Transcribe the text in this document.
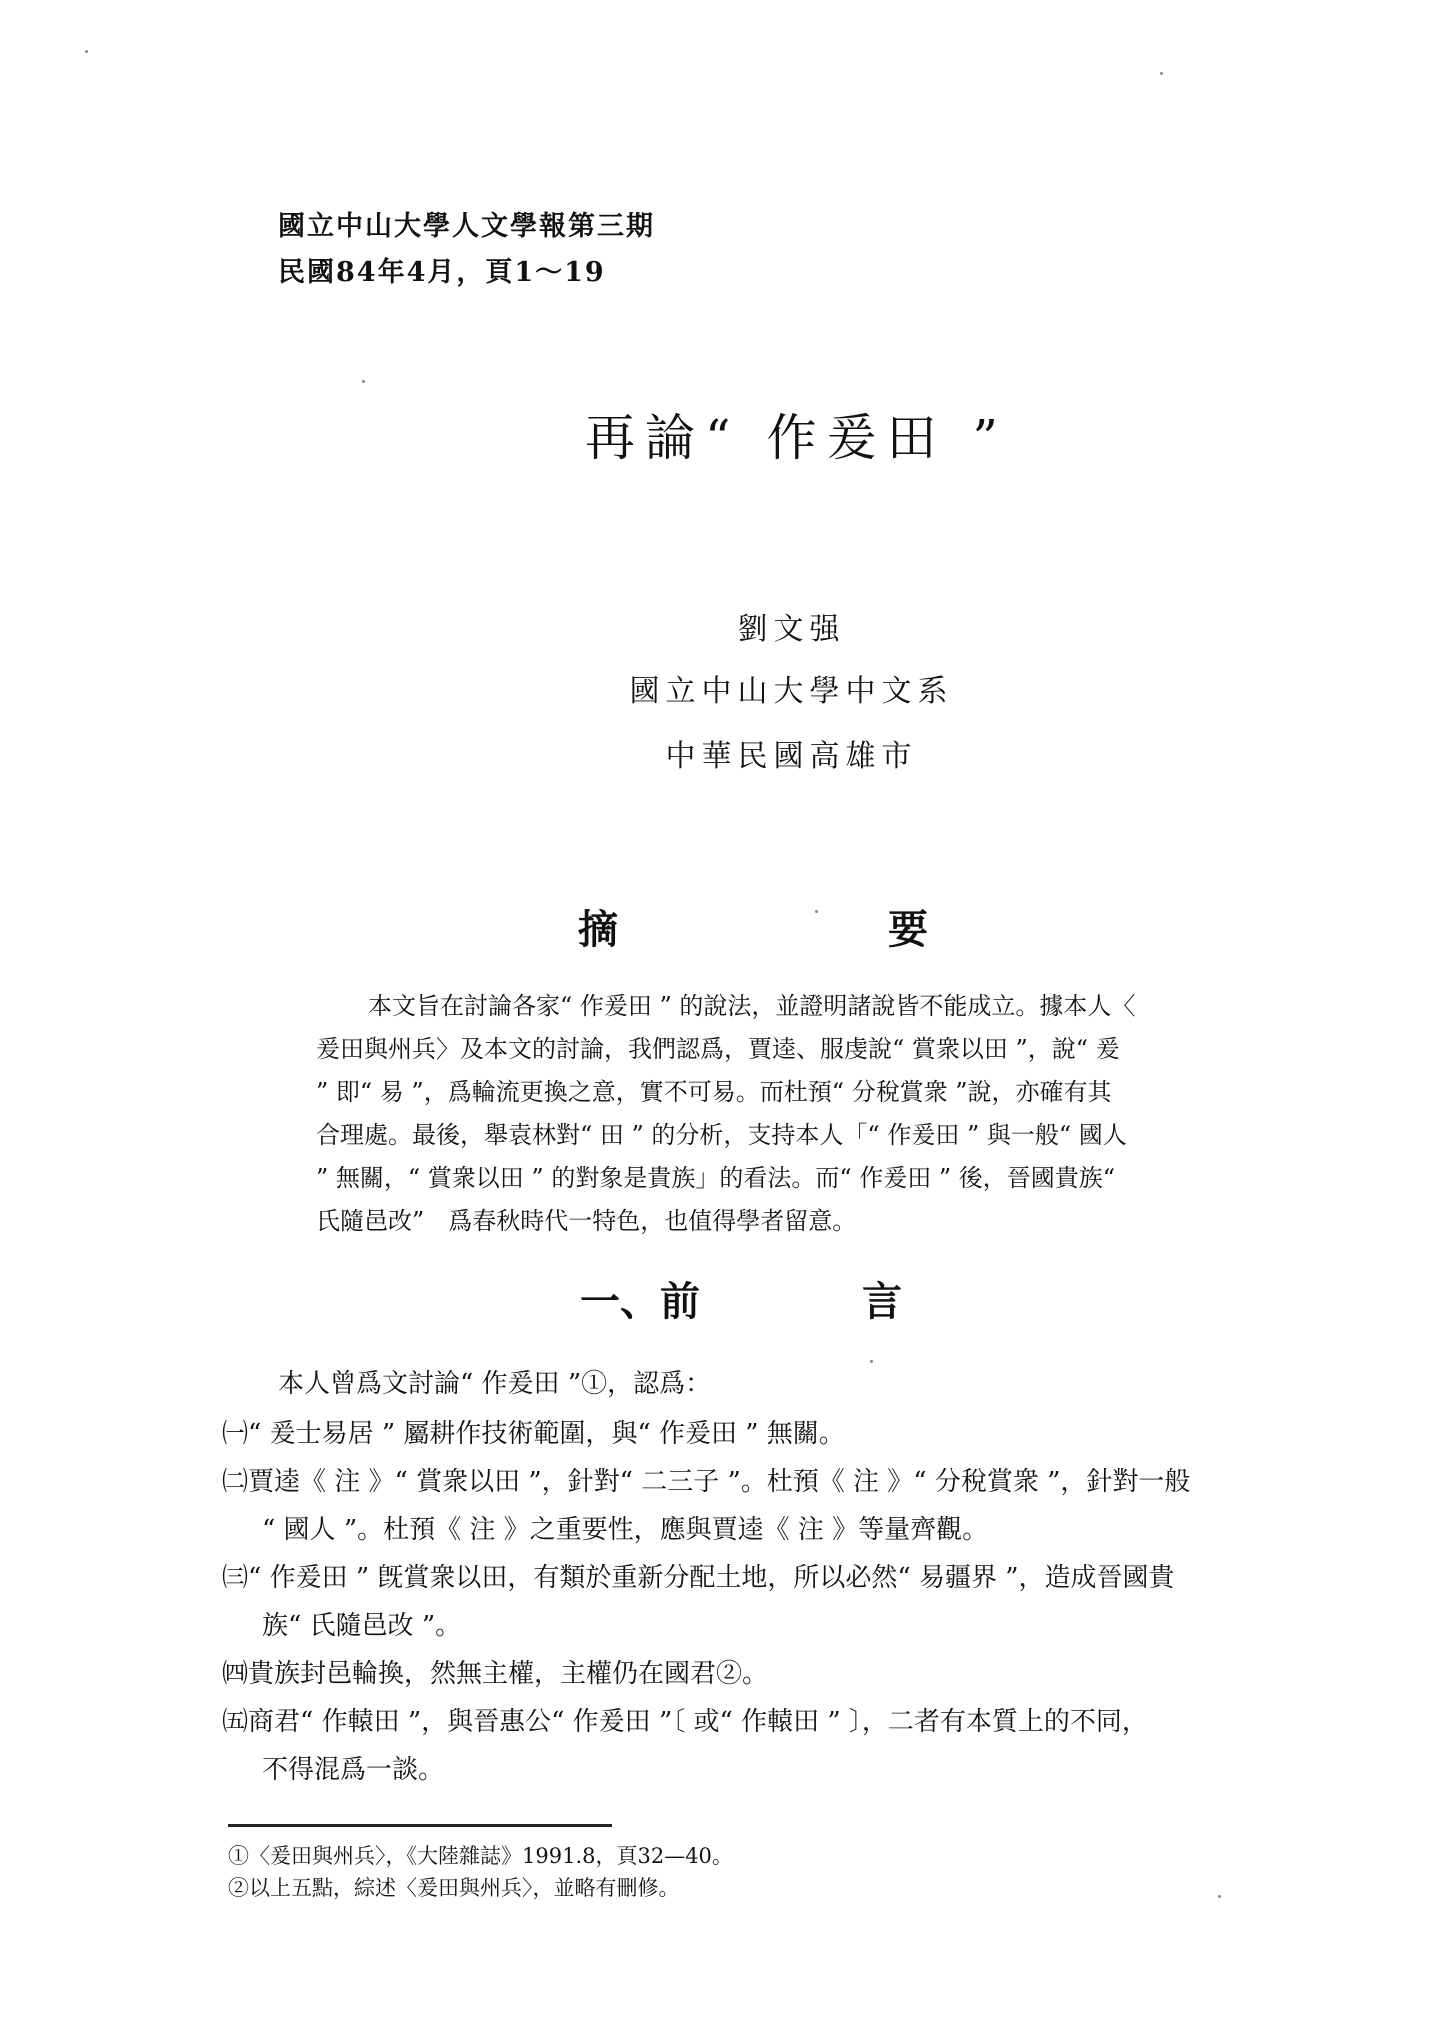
國立中山大學人文學報第三期
民國84年4月，頁1～19
再論“ 作爰田 ”
劉文强
國立中山大學中文系
中華民國高雄市
摘	要
本文旨在討論各家“ 作爰田 ” 的說法，並證明諸說皆不能成立。據本人〈
爰田與州兵〉及本文的討論，我們認爲，賈逵、服虔說“ 賞衆以田 ”，說“ 爰
” 即“ 易 ”，爲輪流更換之意，實不可易。而杜預“ 分稅賞衆 ”說，亦確有其
合理處。最後，舉袁林對“ 田 ” 的分析，支持本人「“ 作爰田 ” 與一般“ 國人
” 無關，“ 賞衆以田 ” 的對象是貴族」的看法。而“ 作爰田 ” 後，晉國貴族“
氏隨邑改”　爲春秋時代一特色，也值得學者留意。
一、前	言
本人曾爲文討論“ 作爰田 ”①，認爲：
㈠“ 爰士易居 ” 屬耕作技術範圍，與“ 作爰田 ” 無關。
㈡賈逵《 注 》“ 賞衆以田 ”，針對“ 二三子 ”。杜預《 注 》“ 分稅賞衆 ”，針對一般
“ 國人 ”。杜預《 注 》之重要性，應與賈逵《 注 》等量齊觀。
㈢“ 作爰田 ” 旣賞衆以田，有類於重新分配土地，所以必然“ 易疆界 ”，造成晉國貴
族“ 氏隨邑改 ”。
㈣貴族封邑輪換，然無主權，主權仍在國君②。
㈤商君“ 作轅田 ”，與晉惠公“ 作爰田 ”〔 或“ 作轅田 ” 〕，二者有本質上的不同，
不得混爲一談。
①〈爰田與州兵〉，《大陸雜誌》1991.8，頁32—40。
②以上五點，綜述〈爰田與州兵〉，並略有刪修。
